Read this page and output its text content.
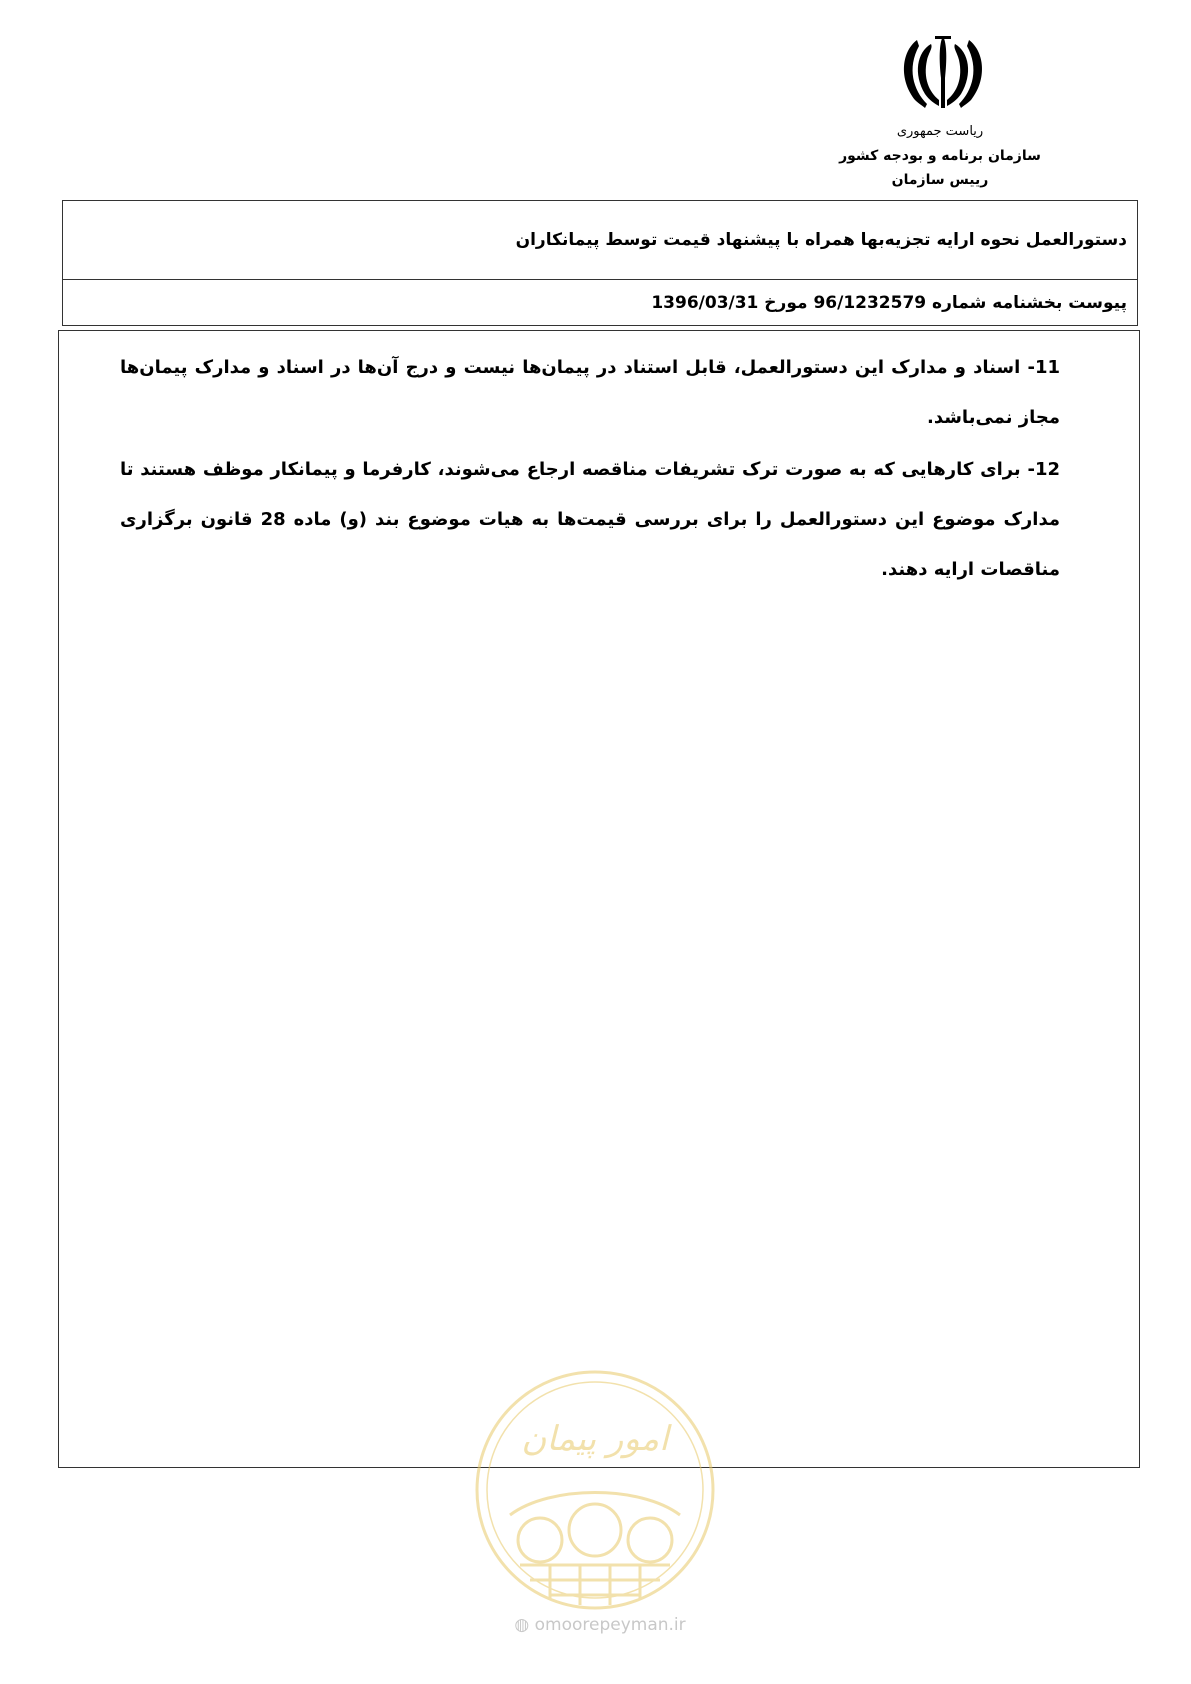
ریاست جمهوری
سازمان برنامه و بودجه کشور
رییس سازمان
دستورالعمل نحوه ارایه تجزیه‌بها همراه با پیشنهاد قیمت توسط پیمانکاران
پیوست بخشنامه شماره 96/1232579 مورخ 1396/03/31
11- اسناد و مدارک این دستورالعمل، قابل استناد در پیمان‌ها نیست و درج آن‌ها در اسناد و مدارک پیمان‌ها مجاز نمی‌باشد.
12- برای کارهایی که به صورت ترک تشریفات مناقصه ارجاع می‌شوند، کارفرما و پیمانکار موظف هستند تا مدارک موضوع این دستورالعمل را برای بررسی قیمت‌ها به هیات موضوع بند (و) ماده 28 قانون برگزاری مناقصات ارایه دهند.
امور پیمان
◍ omoorepeyman.ir
